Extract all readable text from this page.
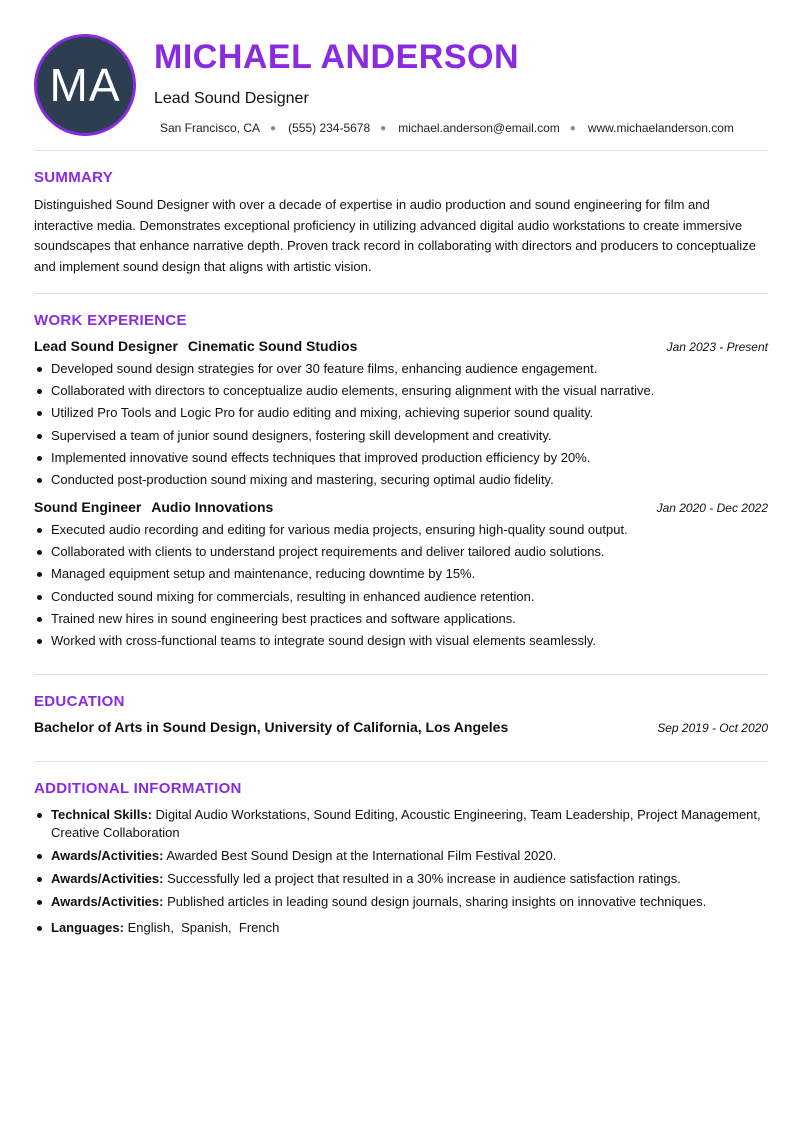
MA
MICHAEL ANDERSON
Lead Sound Designer
San Francisco, CA ● (555) 234-5678 ● michael.anderson@email.com ● www.michaelanderson.com
SUMMARY

Distinguished Sound Designer with over a decade of expertise in audio production and sound engineering for film and interactive media. Demonstrates exceptional proficiency in utilizing advanced digital audio workstations to create immersive soundscapes that enhance narrative depth. Proven track record in collaborating with directors and producers to conceptualize and implement sound design that aligns with artistic vision.

WORK EXPERIENCE
Lead Sound Designer Cinematic Sound Studios	Jan 2023 - Present
Developed sound design strategies for over 30 feature films, enhancing audience engagement.
Collaborated with directors to conceptualize audio elements, ensuring alignment with the visual narrative.
Utilized Pro Tools and Logic Pro for audio editing and mixing, achieving superior sound quality.
Supervised a team of junior sound designers, fostering skill development and creativity.
Implemented innovative sound effects techniques that improved production efficiency by 20%.
Conducted post-production sound mixing and mastering, securing optimal audio fidelity.
Sound Engineer Audio Innovations	Jan 2020 - Dec 2022
Executed audio recording and editing for various media projects, ensuring high-quality sound output.
Collaborated with clients to understand project requirements and deliver tailored audio solutions.
Managed equipment setup and maintenance, reducing downtime by 15%.
Conducted sound mixing for commercials, resulting in enhanced audience retention.
Trained new hires in sound engineering best practices and software applications.
Worked with cross-functional teams to integrate sound design with visual elements seamlessly.
EDUCATION
Bachelor of Arts in Sound Design, University of California, Los Angeles	Sep 2019 - Oct 2020
ADDITIONAL INFORMATION
Technical Skills: Digital Audio Workstations, Sound Editing, Acoustic Engineering, Team Leadership, Project Management, Creative Collaboration
Awards/Activities: Awarded Best Sound Design at the International Film Festival 2020.
Awards/Activities: Successfully led a project that resulted in a 30% increase in audience satisfaction ratings.
Awards/Activities: Published articles in leading sound design journals, sharing insights on innovative techniques.
Languages: English,  Spanish,  French
